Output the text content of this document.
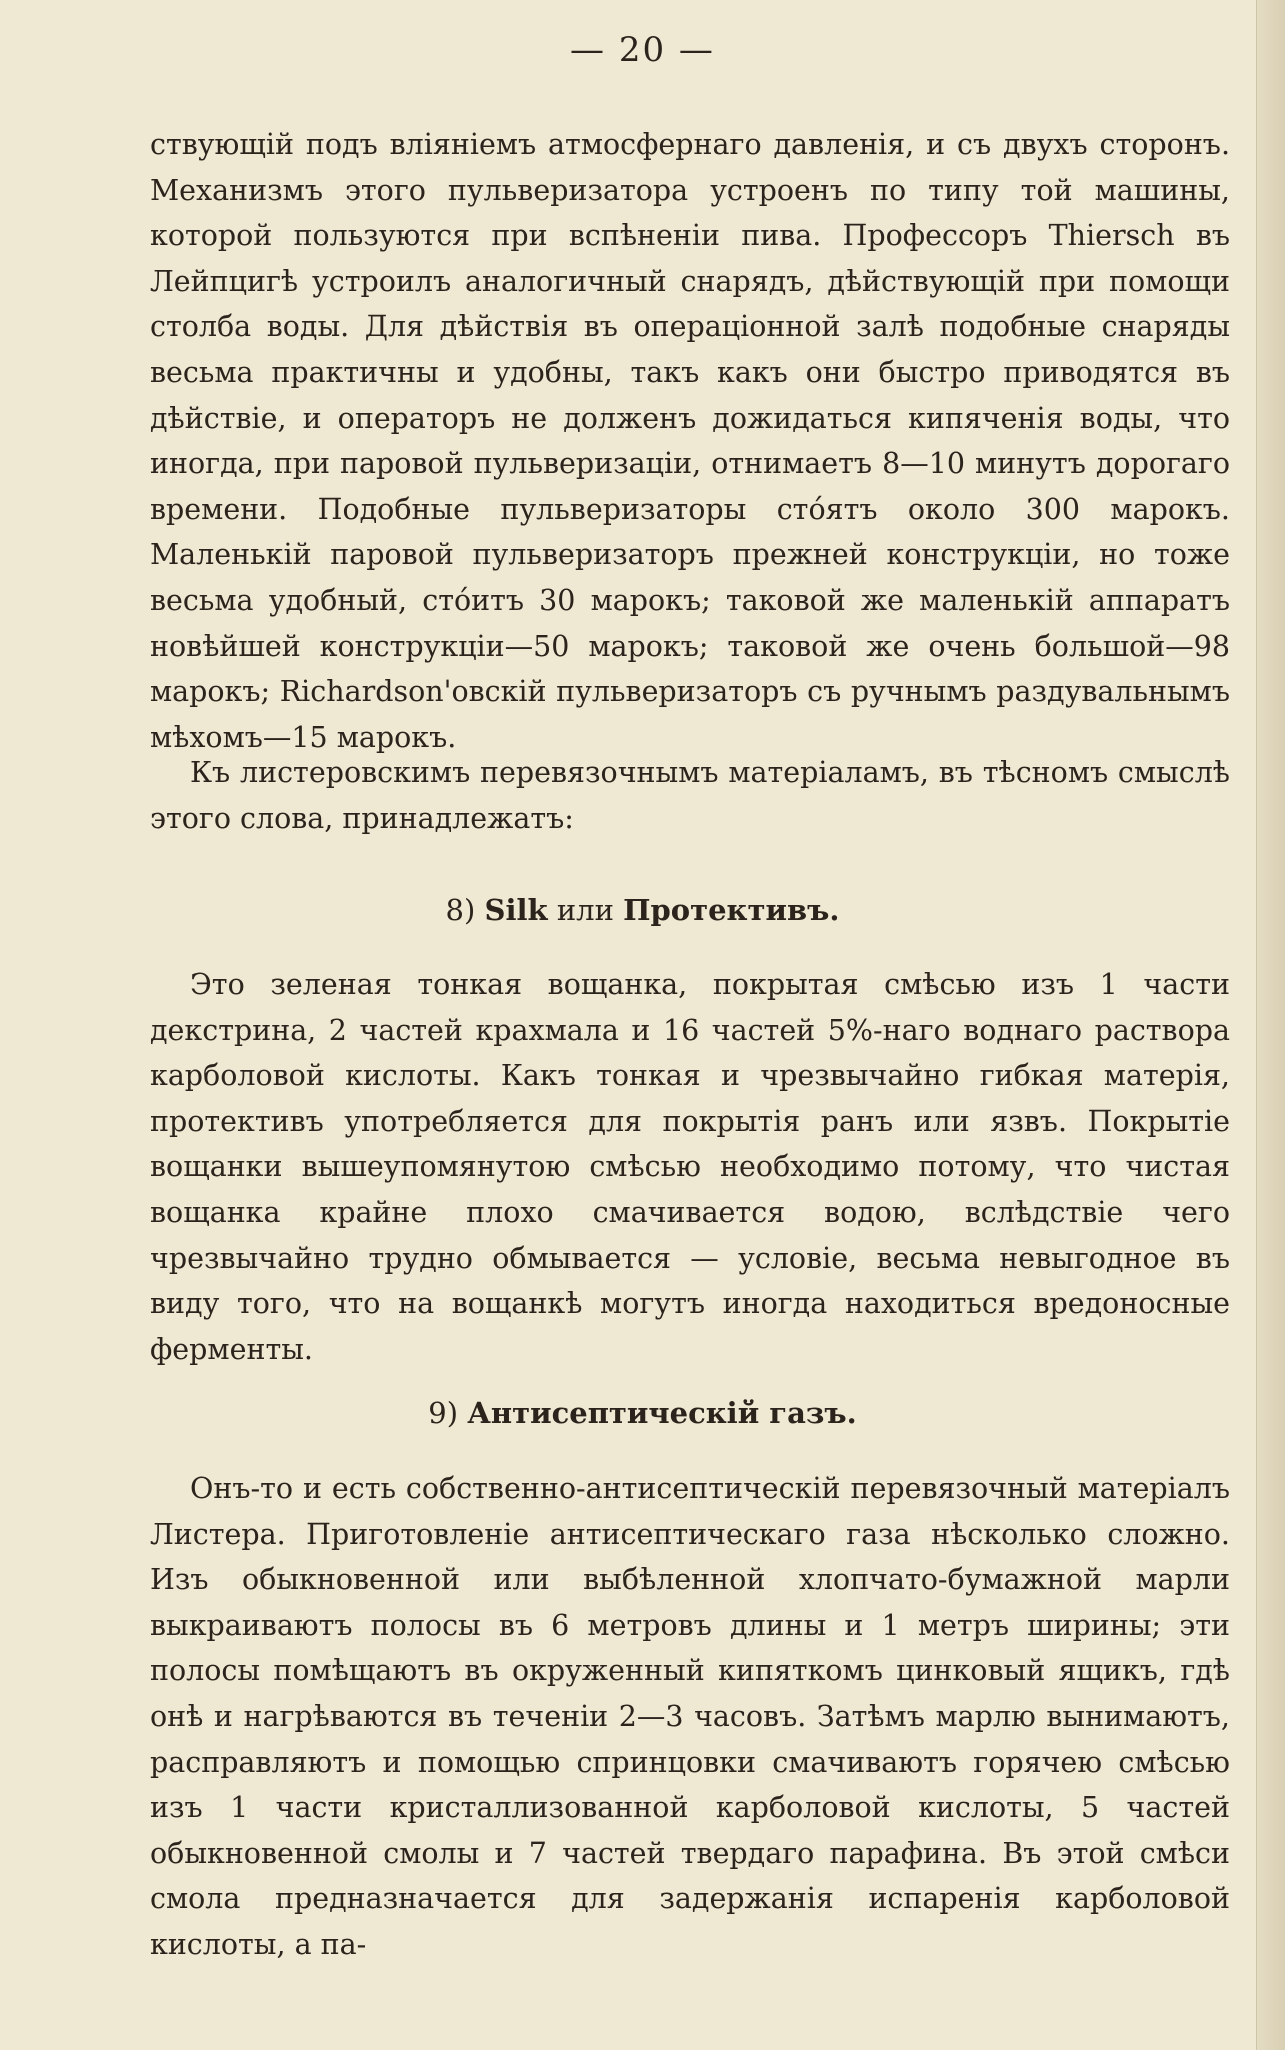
— 20 —

ствующій подъ вліяніемъ атмосфернаго давленія, и съ двухъ сторонъ. Механизмъ этого пульверизатора устроенъ по типу той машины, которой пользуются при вспѣненіи пива. Профессоръ Thiersch въ Лейпцигѣ устроилъ аналогичный снарядъ, дѣйствующій при помощи столба воды. Для дѣйствія въ операціонной залѣ подобные снаряды весьма практичны и удобны, такъ какъ они быстро приводятся въ дѣйствіе, и операторъ не долженъ дожидаться кипяченія воды, что иногда, при паровой пульверизаціи, отнимаетъ 8—10 минутъ дорогаго времени. Подобные пульверизаторы стóятъ около 300 марокъ. Маленькій паровой пульверизаторъ прежней конструкціи, но тоже весьма удобный, стóитъ 30 марокъ; таковой же маленькій аппаратъ новѣйшей конструкціи—50 марокъ; таковой же очень большой—98 марокъ; Richardson'овскій пульверизаторъ съ ручнымъ раздувальнымъ мѣхомъ—15 марокъ.

Къ листеровскимъ перевязочнымъ матеріаламъ, въ тѣсномъ смыслѣ этого слова, принадлежатъ:

8) Silk или Протективъ.

Это зеленая тонкая вощанка, покрытая смѣсью изъ 1 части декстрина, 2 частей крахмала и 16 частей 5%-наго воднаго раствора карболовой кислоты. Какъ тонкая и чрезвычайно гибкая матерія, протективъ употребляется для покрытія ранъ или язвъ. Покрытіе вощанки вышеупомянутою смѣсью необходимо потому, что чистая вощанка крайне плохо смачивается водою, вслѣдствіе чего чрезвычайно трудно обмывается — условіе, весьма невыгодное въ виду того, что на вощанкѣ могутъ иногда находиться вредоносные ферменты.

9) Антисептическій газъ.

Онъ-то и есть собственно-антисептическій перевязочный матеріалъ Листера. Приготовленіе антисептическаго газа нѣсколько сложно. Изъ обыкновенной или выбѣленной хлопчато-бумажной марли выкраиваютъ полосы въ 6 метровъ длины и 1 метръ ширины; эти полосы помѣщаютъ въ окруженный кипяткомъ цинковый ящикъ, гдѣ онѣ и нагрѣваются въ теченіи 2—3 часовъ. Затѣмъ марлю вынимаютъ, расправляютъ и помощью спринцовки смачиваютъ горячею смѣсью изъ 1 части кристаллизованной карболовой кислоты, 5 частей обыкновенной смолы и 7 частей твердаго парафина. Въ этой смѣси смола предназначается для задержанія испаренія карболовой кислоты, а па-
